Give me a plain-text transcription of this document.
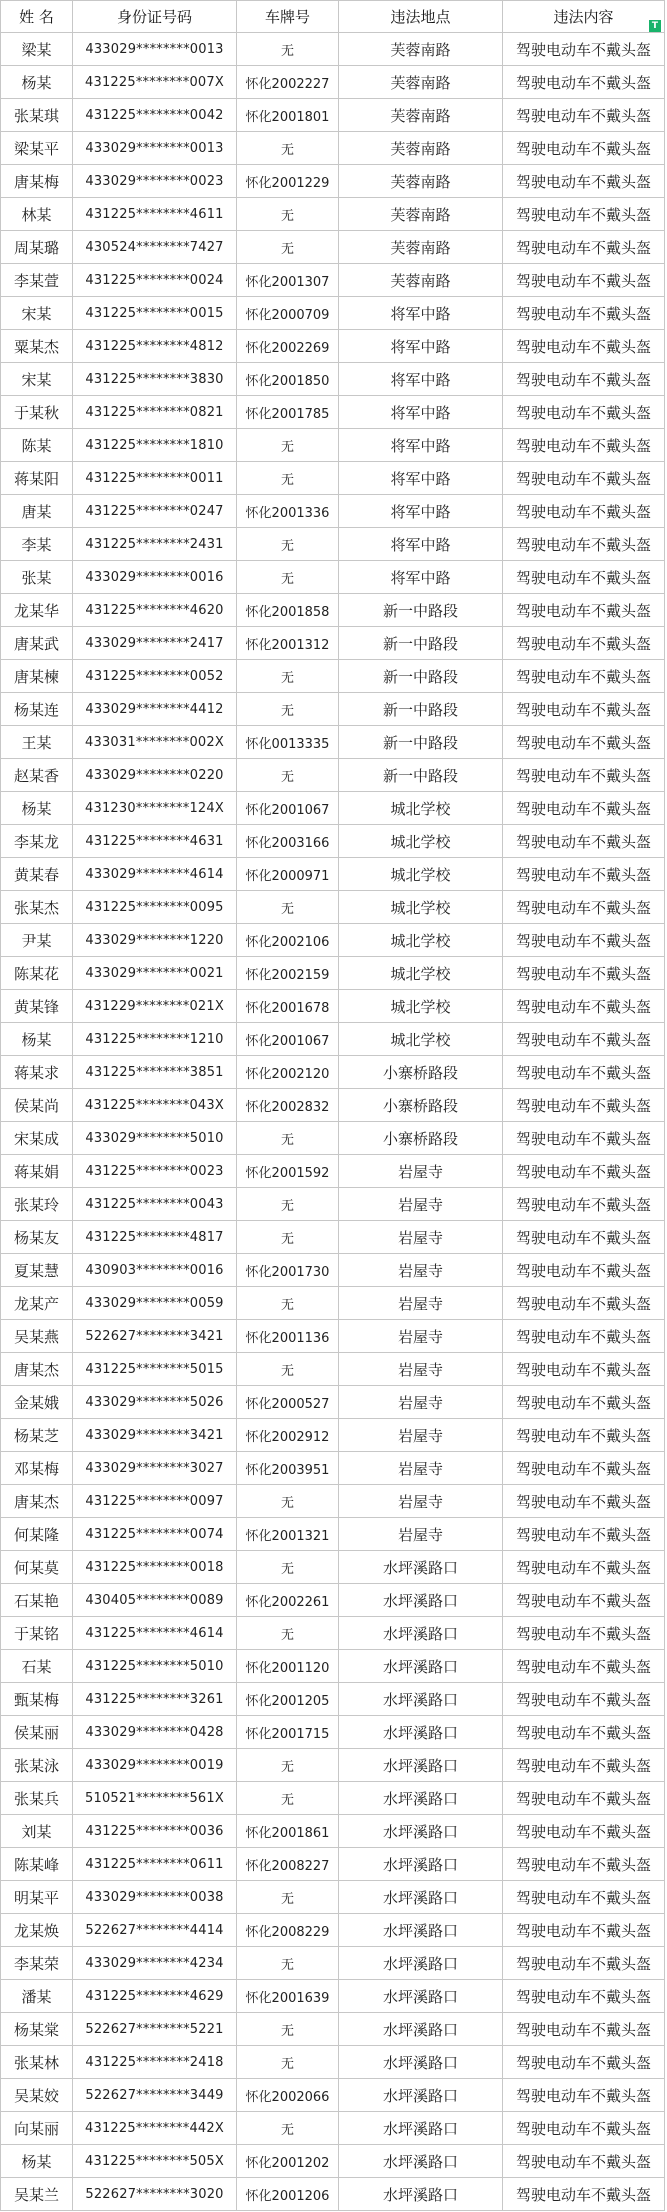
姓 名	身份证号码	车牌号	违法地点	违法内容
梁某	433029********0013	无	芙蓉南路	驾驶电动车不戴头盔
杨某	431225********007X	怀化2002227	芙蓉南路	驾驶电动车不戴头盔
张某琪	431225********0042	怀化2001801	芙蓉南路	驾驶电动车不戴头盔
梁某平	433029********0013	无	芙蓉南路	驾驶电动车不戴头盔
唐某梅	433029********0023	怀化2001229	芙蓉南路	驾驶电动车不戴头盔
林某	431225********4611	无	芙蓉南路	驾驶电动车不戴头盔
周某璐	430524********7427	无	芙蓉南路	驾驶电动车不戴头盔
李某萱	431225********0024	怀化2001307	芙蓉南路	驾驶电动车不戴头盔
宋某	431225********0015	怀化2000709	将军中路	驾驶电动车不戴头盔
粟某杰	431225********4812	怀化2002269	将军中路	驾驶电动车不戴头盔
宋某	431225********3830	怀化2001850	将军中路	驾驶电动车不戴头盔
于某秋	431225********0821	怀化2001785	将军中路	驾驶电动车不戴头盔
陈某	431225********1810	无	将军中路	驾驶电动车不戴头盔
蒋某阳	431225********0011	无	将军中路	驾驶电动车不戴头盔
唐某	431225********0247	怀化2001336	将军中路	驾驶电动车不戴头盔
李某	431225********2431	无	将军中路	驾驶电动车不戴头盔
张某	433029********0016	无	将军中路	驾驶电动车不戴头盔
龙某华	431225********4620	怀化2001858	新一中路段	驾驶电动车不戴头盔
唐某武	433029********2417	怀化2001312	新一中路段	驾驶电动车不戴头盔
唐某楝	431225********0052	无	新一中路段	驾驶电动车不戴头盔
杨某连	433029********4412	无	新一中路段	驾驶电动车不戴头盔
王某	433031********002X	怀化0013335	新一中路段	驾驶电动车不戴头盔
赵某香	433029********0220	无	新一中路段	驾驶电动车不戴头盔
杨某	431230********124X	怀化2001067	城北学校	驾驶电动车不戴头盔
李某龙	431225********4631	怀化2003166	城北学校	驾驶电动车不戴头盔
黄某春	433029********4614	怀化2000971	城北学校	驾驶电动车不戴头盔
张某杰	431225********0095	无	城北学校	驾驶电动车不戴头盔
尹某	433029********1220	怀化2002106	城北学校	驾驶电动车不戴头盔
陈某花	433029********0021	怀化2002159	城北学校	驾驶电动车不戴头盔
黄某锋	431229********021X	怀化2001678	城北学校	驾驶电动车不戴头盔
杨某	431225********1210	怀化2001067	城北学校	驾驶电动车不戴头盔
蒋某求	431225********3851	怀化2002120	小寨桥路段	驾驶电动车不戴头盔
侯某尚	431225********043X	怀化2002832	小寨桥路段	驾驶电动车不戴头盔
宋某成	433029********5010	无	小寨桥路段	驾驶电动车不戴头盔
蒋某娟	431225********0023	怀化2001592	岩屋寺	驾驶电动车不戴头盔
张某玲	431225********0043	无	岩屋寺	驾驶电动车不戴头盔
杨某友	431225********4817	无	岩屋寺	驾驶电动车不戴头盔
夏某慧	430903********0016	怀化2001730	岩屋寺	驾驶电动车不戴头盔
龙某产	433029********0059	无	岩屋寺	驾驶电动车不戴头盔
吴某燕	522627********3421	怀化2001136	岩屋寺	驾驶电动车不戴头盔
唐某杰	431225********5015	无	岩屋寺	驾驶电动车不戴头盔
金某娥	433029********5026	怀化2000527	岩屋寺	驾驶电动车不戴头盔
杨某芝	433029********3421	怀化2002912	岩屋寺	驾驶电动车不戴头盔
邓某梅	433029********3027	怀化2003951	岩屋寺	驾驶电动车不戴头盔
唐某杰	431225********0097	无	岩屋寺	驾驶电动车不戴头盔
何某隆	431225********0074	怀化2001321	岩屋寺	驾驶电动车不戴头盔
何某莫	431225********0018	无	水坪溪路口	驾驶电动车不戴头盔
石某艳	430405********0089	怀化2002261	水坪溪路口	驾驶电动车不戴头盔
于某铭	431225********4614	无	水坪溪路口	驾驶电动车不戴头盔
石某	431225********5010	怀化2001120	水坪溪路口	驾驶电动车不戴头盔
甄某梅	431225********3261	怀化2001205	水坪溪路口	驾驶电动车不戴头盔
侯某丽	433029********0428	怀化2001715	水坪溪路口	驾驶电动车不戴头盔
张某泳	433029********0019	无	水坪溪路口	驾驶电动车不戴头盔
张某兵	510521********561X	无	水坪溪路口	驾驶电动车不戴头盔
刘某	431225********0036	怀化2001861	水坪溪路口	驾驶电动车不戴头盔
陈某峰	431225********0611	怀化2008227	水坪溪路口	驾驶电动车不戴头盔
明某平	433029********0038	无	水坪溪路口	驾驶电动车不戴头盔
龙某焕	522627********4414	怀化2008229	水坪溪路口	驾驶电动车不戴头盔
李某荣	433029********4234	无	水坪溪路口	驾驶电动车不戴头盔
潘某	431225********4629	怀化2001639	水坪溪路口	驾驶电动车不戴头盔
杨某棠	522627********5221	无	水坪溪路口	驾驶电动车不戴头盔
张某林	431225********2418	无	水坪溪路口	驾驶电动车不戴头盔
吴某姣	522627********3449	怀化2002066	水坪溪路口	驾驶电动车不戴头盔
向某丽	431225********442X	无	水坪溪路口	驾驶电动车不戴头盔
杨某	431225********505X	怀化2001202	水坪溪路口	驾驶电动车不戴头盔
吴某兰	522627********3020	怀化2001206	水坪溪路口	驾驶电动车不戴头盔
T
